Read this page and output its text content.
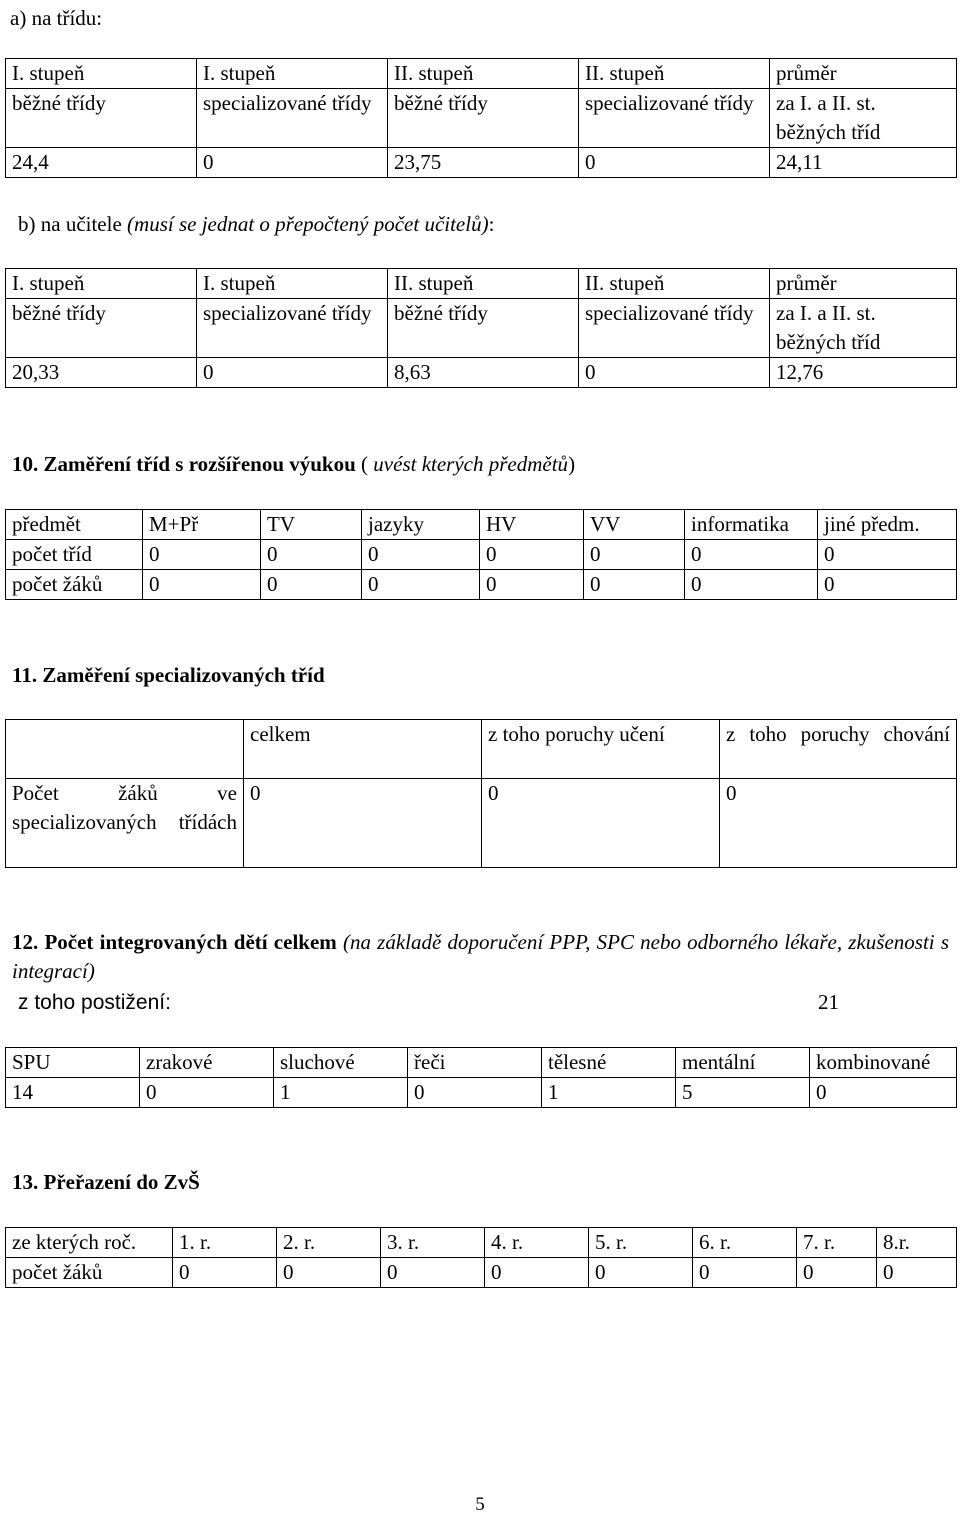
a) na třídu:
I. stupeň	I. stupeň	II. stupeň	II. stupeň	průměr
běžné třídy	specializované třídy	běžné třídy	specializované třídy	za I. a II. st. běžných tříd
24,4	0	23,75	0	24,11
b) na učitele (musí se jednat o přepočtený počet učitelů):
I. stupeň	I. stupeň	II. stupeň	II. stupeň	průměr
běžné třídy	specializované třídy	běžné třídy	specializované třídy	za I. a II. st. běžných tříd
20,33	0	8,63	0	12,76
10. Zaměření tříd s rozšířenou výukou ( uvést kterých předmětů)
předmět	M+Př	TV	jazyky	HV	VV	informatika	jiné předm.
počet tříd	0	0	0	0	0	0	0
počet žáků	0	0	0	0	0	0	0
11. Zaměření specializovaných tříd
	celkem	z toho poruchy učení	z toho poruchy chování
Počet žáků ve specializovaných třídách	0	0	0
12. Počet integrovaných dětí celkem (na základě doporučení PPP, SPC nebo odborného lékaře, zkušenosti s integrací)
z toho postižení:	21
SPU	zrakové	sluchové	řeči	tělesné	mentální	kombinované
14	0	1	0	1	5	0
13. Přeřazení do ZvŠ
ze kterých roč.	1. r.	2. r.	3. r.	4. r.	5. r.	6. r.	7. r.	8.r.
počet žáků	0	0	0	0	0	0	0	0
5
